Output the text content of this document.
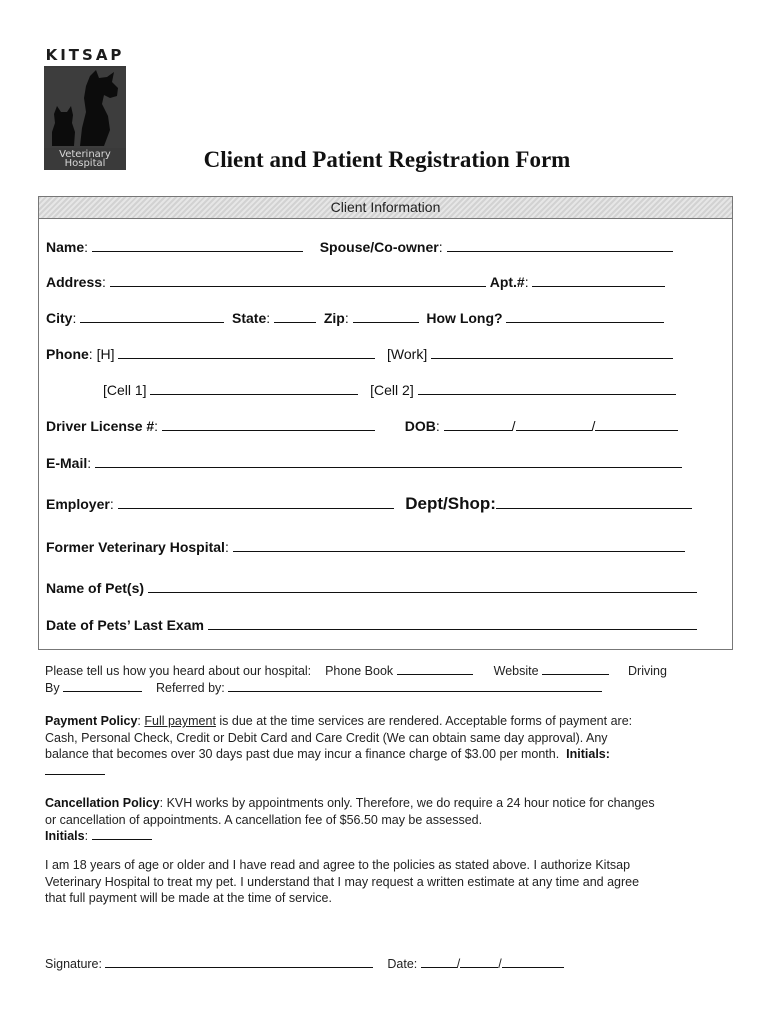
KITSAP
Veterinary
Hospital	Client and Patient Registration Form
Client Information
Name:	Spouse/Co-owner:
Address:	Apt.#:
City:	State:	Zip:	How Long?
Phone: [H]	[Work]
[Cell 1]	[Cell 2]
Driver License #:	DOB:	/	/
E-Mail:
Employer:	Dept/Shop:
Former Veterinary Hospital:
Name of Pet(s)
Date of Pets’ Last Exam
Please tell us how you heard about our hospital: Phone Book	Website	Driving
By	Referred by:
Payment Policy: Full payment is due at the time services are rendered. Acceptable forms of payment are:
Cash, Personal Check, Credit or Debit Card and Care Credit (We can obtain same day approval). Any
balance that becomes over 30 days past due may incur a finance charge of $3.00 per month. Initials:
Cancellation Policy: KVH works by appointments only. Therefore, we do require a 24 hour notice for changes
or cancellation of appointments. A cancellation fee of $56.50 may be assessed.
Initials:
I am 18 years of age or older and I have read and agree to the policies as stated above. I authorize Kitsap
Veterinary Hospital to treat my pet. I understand that I may request a written estimate at any time and agree
that full payment will be made at the time of service.
Signature:	Date:	/	/
